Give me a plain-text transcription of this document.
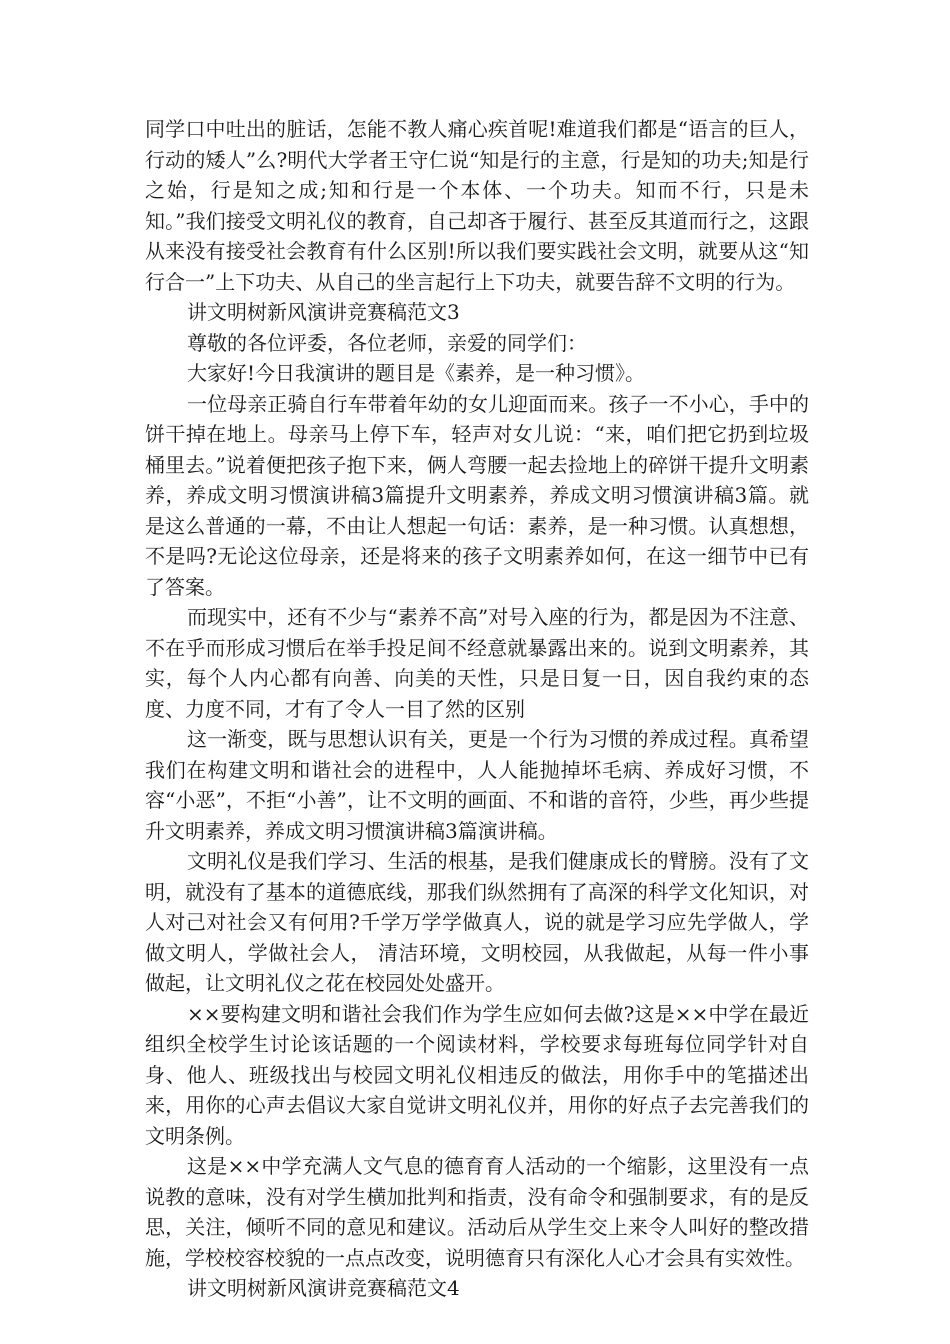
同学口中吐出的脏话，怎能不教人痛心疾首呢!难道我们都是“语言的巨人，行动的矮人”么?明代大学者王守仁说“知是行的主意，行是知的功夫;知是行之始，行是知之成;知和行是一个本体、一个功夫。知而不行，只是未知。”我们接受文明礼仪的教育，自己却吝于履行、甚至反其道而行之，这跟从来没有接受社会教育有什么区别!所以我们要实践社会文明，就要从这“知行合一”上下功夫、从自己的坐言起行上下功夫，就要告辞不文明的行为。

讲文明树新风演讲竞赛稿范文3

尊敬的各位评委，各位老师，亲爱的同学们：

大家好!今日我演讲的题目是《素养，是一种习惯》。

一位母亲正骑自行车带着年幼的女儿迎面而来。孩子一不小心，手中的饼干掉在地上。母亲马上停下车，轻声对女儿说：“来，咱们把它扔到垃圾桶里去。”说着便把孩子抱下来，俩人弯腰一起去捡地上的碎饼干提升文明素养，养成文明习惯演讲稿3篇提升文明素养，养成文明习惯演讲稿3篇。就是这么普通的一幕，不由让人想起一句话：素养，是一种习惯。认真想想，不是吗?无论这位母亲，还是将来的孩子文明素养如何，在这一细节中已有了答案。

而现实中，还有不少与“素养不高”对号入座的行为，都是因为不注意、不在乎而形成习惯后在举手投足间不经意就暴露出来的。说到文明素养，其实，每个人内心都有向善、向美的天性，只是日复一日，因自我约束的态度、力度不同，才有了令人一目了然的区别

这一渐变，既与思想认识有关，更是一个行为习惯的养成过程。真希望我们在构建文明和谐社会的进程中，人人能抛掉坏毛病、养成好习惯，不容“小恶”，不拒“小善”，让不文明的画面、不和谐的音符，少些，再少些提升文明素养，养成文明习惯演讲稿3篇演讲稿。

文明礼仪是我们学习、生活的根基，是我们健康成长的臂膀。没有了文明，就没有了基本的道德底线，那我们纵然拥有了高深的科学文化知识，对人对己对社会又有何用?千学万学学做真人，说的就是学习应先学做人，学做文明人，学做社会人， 清洁环境，文明校园，从我做起，从每一件小事做起，让文明礼仪之花在校园处处盛开。

××要构建文明和谐社会我们作为学生应如何去做?这是××中学在最近组织全校学生讨论该话题的一个阅读材料，学校要求每班每位同学针对自身、他人、班级找出与校园文明礼仪相违反的做法，用你手中的笔描述出来，用你的心声去倡议大家自觉讲文明礼仪并，用你的好点子去完善我们的文明条例。

这是××中学充满人文气息的德育育人活动的一个缩影，这里没有一点说教的意味，没有对学生横加批判和指责，没有命令和强制要求，有的是反思，关注，倾听不同的意见和建议。活动后从学生交上来令人叫好的整改措施，学校校容校貌的一点点改变，说明德育只有深化人心才会具有实效性。

讲文明树新风演讲竞赛稿范文4
